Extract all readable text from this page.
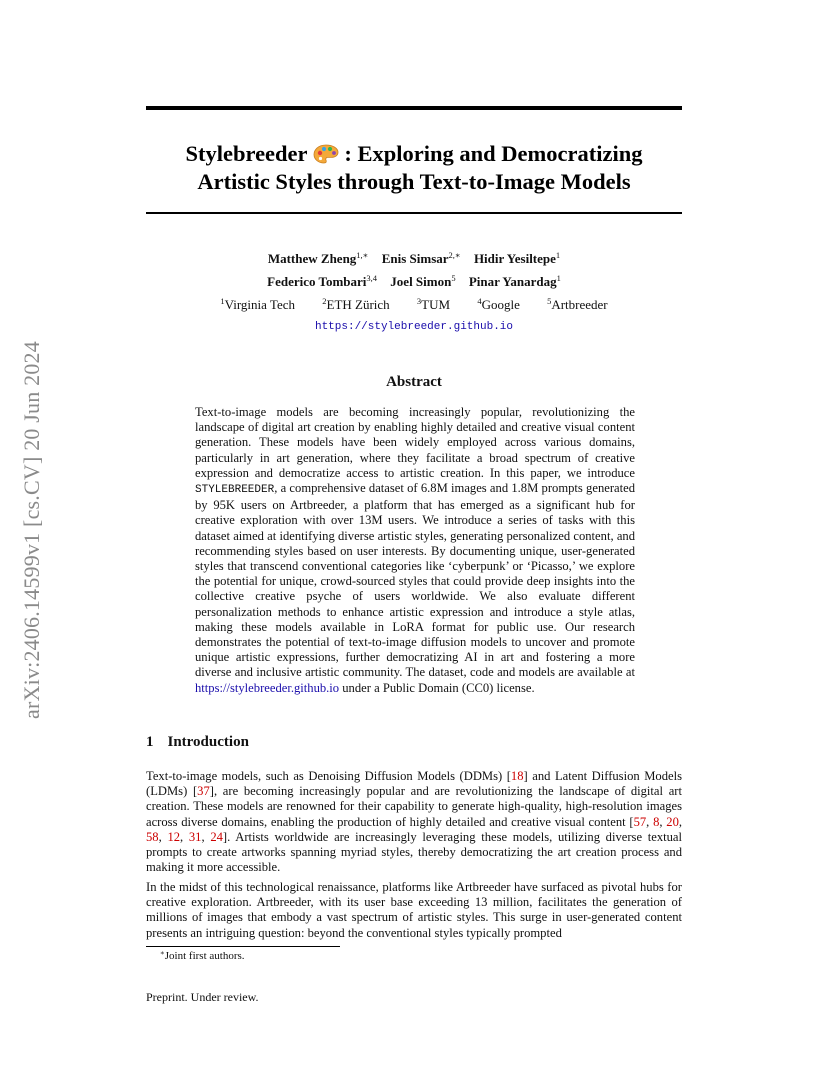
arXiv:2406.14599v1 [cs.CV] 20 Jun 2024
Stylebreeder : Exploring and Democratizing
Artistic Styles through Text-to-Image Models
Matthew Zheng$^{1,∗}$ Enis Simsar$^{2,∗}$ Hidir Yesiltepe$^1$
Federico Tombari$^{3,4}$ Joel Simon$^5$ Pinar Yanardag$^1$
$^1$Virginia Tech	$^2$ETH Zürich	$^3$TUM	$^4$Google	$^5$Artbreeder
https://stylebreeder.github.io
Abstract
Text-to-image models are becoming increasingly popular, revolutionizing the landscape of digital art creation by enabling highly detailed and creative visual content generation. These models have been widely employed across various domains, particularly in art generation, where they facilitate a broad spectrum of creative expression and democratize access to artistic creation. In this paper, we introduce STYLEBREEDER, a comprehensive dataset of 6.8M images and 1.8M prompts generated by 95K users on Artbreeder, a platform that has emerged as a significant hub for creative exploration with over 13M users. We introduce a series of tasks with this dataset aimed at identifying diverse artistic styles, generating personalized content, and recommending styles based on user interests. By documenting unique, user-generated styles that transcend conventional categories like ‘cyberpunk’ or ‘Picasso,’ we explore the potential for unique, crowd-sourced styles that could provide deep insights into the collective creative psyche of users worldwide. We also evaluate different personalization methods to enhance artistic expression and introduce a style atlas, making these models available in LoRA format for public use. Our research demonstrates the potential of text-to-image diffusion models to uncover and promote unique artistic expressions, further democratizing AI in art and fostering a more diverse and inclusive artistic community. The dataset, code and models are available at https://stylebreeder.github.io under a Public Domain (CC0) license.
1 Introduction

Text-to-image models, such as Denoising Diffusion Models (DDMs) [18] and Latent Diffusion Models (LDMs) [37], are becoming increasingly popular and are revolutionizing the landscape of digital art creation. These models are renowned for their capability to generate high-quality, high-resolution images across diverse domains, enabling the production of highly detailed and creative visual content [57, 8, 20, 58, 12, 31, 24]. Artists worldwide are increasingly leveraging these models, utilizing diverse textual prompts to create artworks spanning myriad styles, thereby democratizing the art creation process and making it more accessible.

In the midst of this technological renaissance, platforms like Artbreeder have surfaced as pivotal hubs for creative exploration. Artbreeder, with its user base exceeding 13 million, facilitates the generation of millions of images that embody a vast spectrum of artistic styles. This surge in user-generated content presents an intriguing question: beyond the conventional styles typically prompted

∗Joint first authors.
Preprint. Under review.
